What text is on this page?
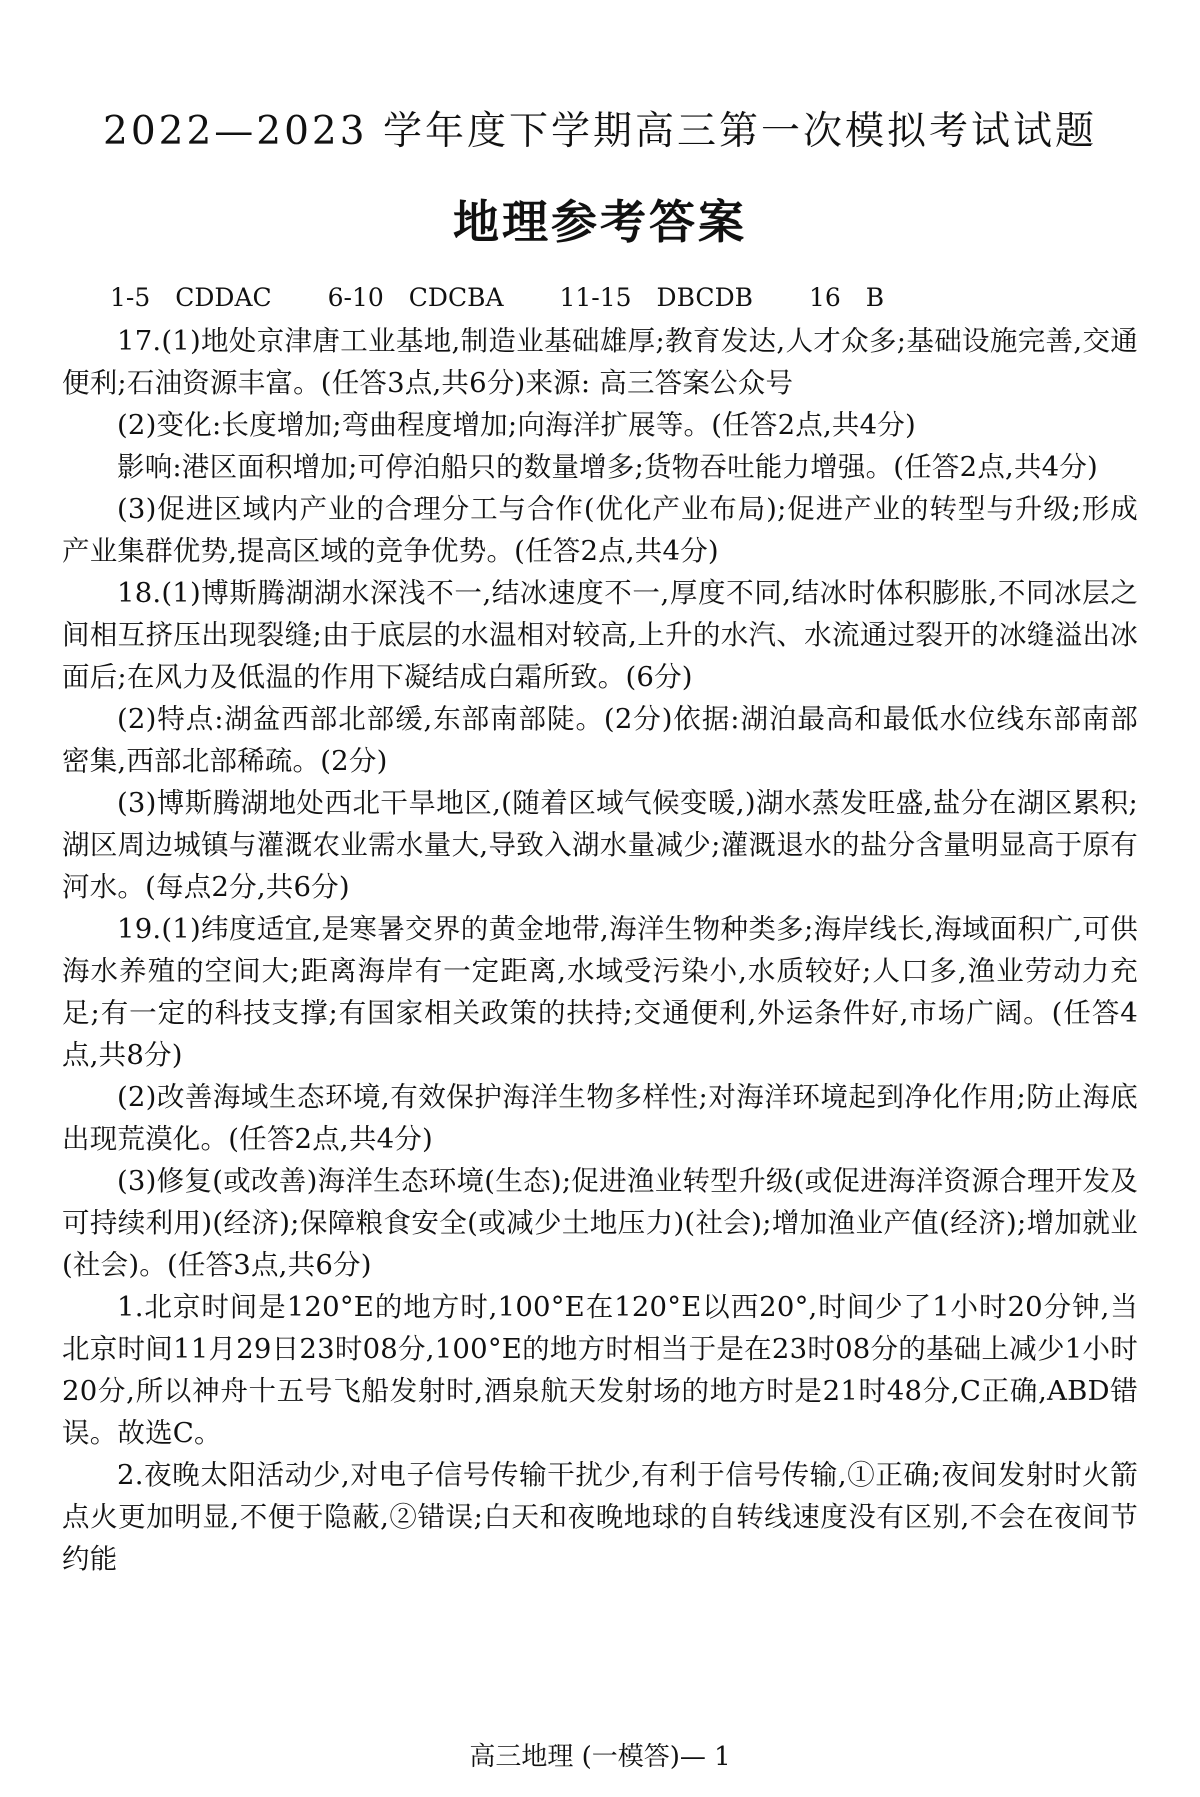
2022—2023 学年度下学期高三第一次模拟考试试题
地理参考答案
1-5　CDDAC 6-10　CDCBA 11-15　DBCDB 16　B

17.(1)地处京津唐工业基地,制造业基础雄厚;教育发达,人才众多;基础设施完善,交通便利;石油资源丰富。(任答3点,共6分)来源: 高三答案公众号

(2)变化:长度增加;弯曲程度增加;向海洋扩展等。(任答2点,共4分)

影响:港区面积增加;可停泊船只的数量增多;货物吞吐能力增强。(任答2点,共4分)

(3)促进区域内产业的合理分工与合作(优化产业布局);促进产业的转型与升级;形成产业集群优势,提高区域的竞争优势。(任答2点,共4分)

18.(1)博斯腾湖湖水深浅不一,结冰速度不一,厚度不同,结冰时体积膨胀,不同冰层之间相互挤压出现裂缝;由于底层的水温相对较高,上升的水汽、水流通过裂开的冰缝溢出冰面后;在风力及低温的作用下凝结成白霜所致。(6分)

(2)特点:湖盆西部北部缓,东部南部陡。(2分)依据:湖泊最高和最低水位线东部南部密集,西部北部稀疏。(2分)

(3)博斯腾湖地处西北干旱地区,(随着区域气候变暖,)湖水蒸发旺盛,盐分在湖区累积;湖区周边城镇与灌溉农业需水量大,导致入湖水量减少;灌溉退水的盐分含量明显高于原有河水。(每点2分,共6分)

19.(1)纬度适宜,是寒暑交界的黄金地带,海洋生物种类多;海岸线长,海域面积广,可供海水养殖的空间大;距离海岸有一定距离,水域受污染小,水质较好;人口多,渔业劳动力充足;有一定的科技支撑;有国家相关政策的扶持;交通便利,外运条件好,市场广阔。(任答4点,共8分)

(2)改善海域生态环境,有效保护海洋生物多样性;对海洋环境起到净化作用;防止海底出现荒漠化。(任答2点,共4分)

(3)修复(或改善)海洋生态环境(生态);促进渔业转型升级(或促进海洋资源合理开发及可持续利用)(经济);保障粮食安全(或减少土地压力)(社会);增加渔业产值(经济);增加就业(社会)。(任答3点,共6分)

1.北京时间是120°E的地方时,100°E在120°E以西20°,时间少了1小时20分钟,当北京时间11月29日23时08分,100°E的地方时相当于是在23时08分的基础上减少1小时20分,所以神舟十五号飞船发射时,酒泉航天发射场的地方时是21时48分,C正确,ABD错误。故选C。

2.夜晚太阳活动少,对电子信号传输干扰少,有利于信号传输,①正确;夜间发射时火箭点火更加明显,不便于隐蔽,②错误;白天和夜晚地球的自转线速度没有区别,不会在夜间节约能

高三地理 (一模答)— 1
